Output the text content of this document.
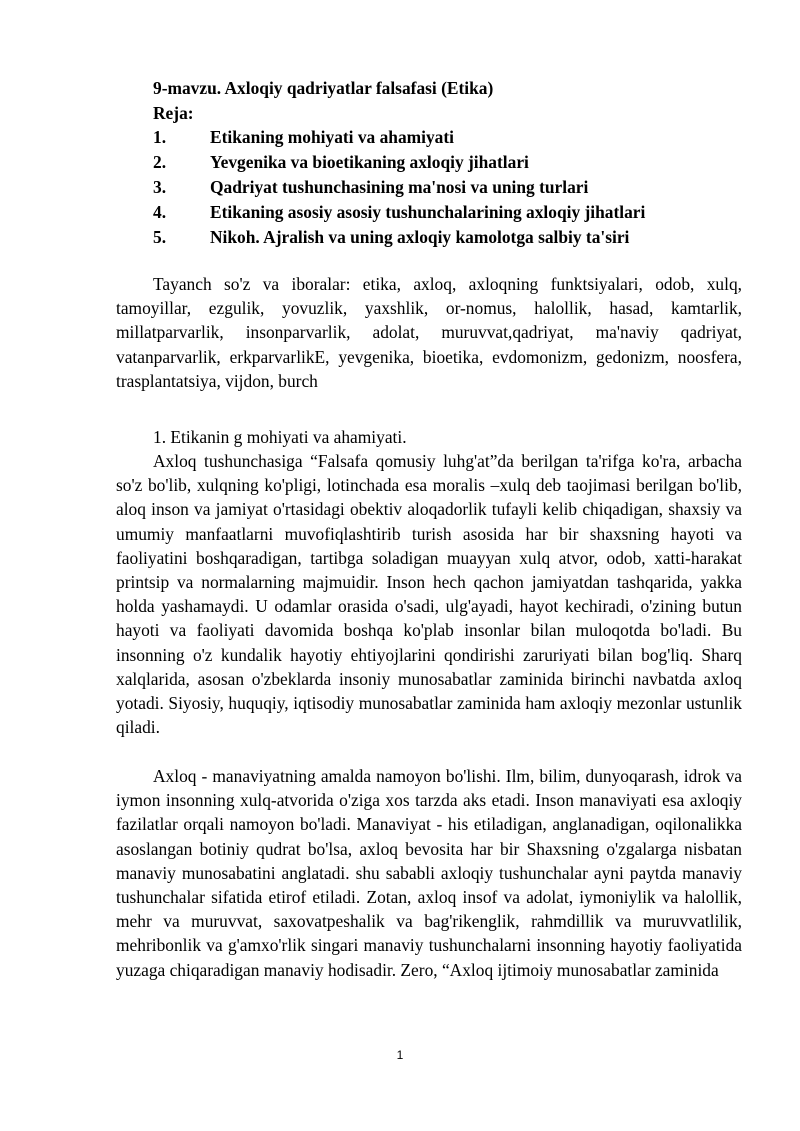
9-mavzu. Axloqiy qadriyatlar falsafasi (Etika)
Reja:
1.	Etikaning mohiyati va ahamiyati
2.	Yevgenika va bioetikaning axloqiy jihatlari
3.	Qadriyat tushunchasining ma'nosi va uning turlari
4.	Etikaning asosiy asosiy tushunchalarining axloqiy jihatlari
5.	Nikoh. Ajralish va uning axloqiy kamolotga salbiy ta'siri

Tayanch so'z va iboralar: etika, axloq, axloqning funktsiyalari, odob, xulq, tamoyillar, ezgulik, yovuzlik, yaxshlik, or-nomus, halollik, hasad, kamtarlik, millatparvarlik, insonparvarlik, adolat, muruvvat,qadriyat, ma'naviy qadriyat, vatanparvarlik, erkparvarlikE, yevgenika, bioetika, evdomonizm, gedonizm, noosfera, trasplantatsiya, vijdon, burch

1. Etikanin g mohiyati va ahamiyati.

Axloq tushunchasiga “Falsafa qomusiy luhg'at”da berilgan ta'rifga ko'ra, arbacha so'z bo'lib, xulqning ko'pligi, lotinchada esa moralis –xulq deb taojimasi berilgan bo'lib, aloq inson va jamiyat o'rtasidagi obektiv aloqadorlik tufayli kelib chiqadigan, shaxsiy va umumiy manfaatlarni muvofiqlashtirib turish asosida har bir shaxsning hayoti va faoliyatini boshqaradigan, tartibga soladigan muayyan xulq atvor, odob, xatti-harakat printsip va normalarning majmuidir. Inson hech qachon jamiyatdan tashqarida, yakka holda yashamaydi. U odamlar orasida o'sadi, ulg'ayadi, hayot kechiradi, o'zining butun hayoti va faoliyati davomida boshqa ko'plab insonlar bilan muloqotda bo'ladi. Bu insonning o'z kundalik hayotiy ehtiyojlarini qondirishi zaruriyati bilan bog'liq. Sharq xalqlarida, asosan o'zbeklarda insoniy munosabatlar zaminida birinchi navbatda axloq yotadi. Siyosiy, huquqiy, iqtisodiy munosabatlar zaminida ham axloqiy mezonlar ustunlik qiladi.

Axloq - manaviyatning amalda namoyon bo'lishi. Ilm, bilim, dunyoqarash, idrok va iymon insonning xulq-atvorida o'ziga xos tarzda aks etadi. Inson manaviyati esa axloqiy fazilatlar orqali namoyon bo'ladi. Manaviyat - his etiladigan, anglanadigan, oqilonalikka asoslangan botiniy qudrat bo'lsa, axloq bevosita har bir Shaxsning o'zgalarga nisbatan manaviy munosabatini anglatadi. shu sababli axloqiy tushunchalar ayni paytda manaviy tushunchalar sifatida etirof etiladi. Zotan, axloq insof va adolat, iymoniylik va halollik, mehr va muruvvat, saxovatpeshalik va bag'rikenglik, rahmdillik va muruvvatlilik, mehribonlik va g'amxo'rlik singari manaviy tushunchalarni insonning hayotiy faoliyatida yuzaga chiqaradigan manaviy hodisadir. Zero, “Axloq ijtimoiy munosabatlar zaminida

1
